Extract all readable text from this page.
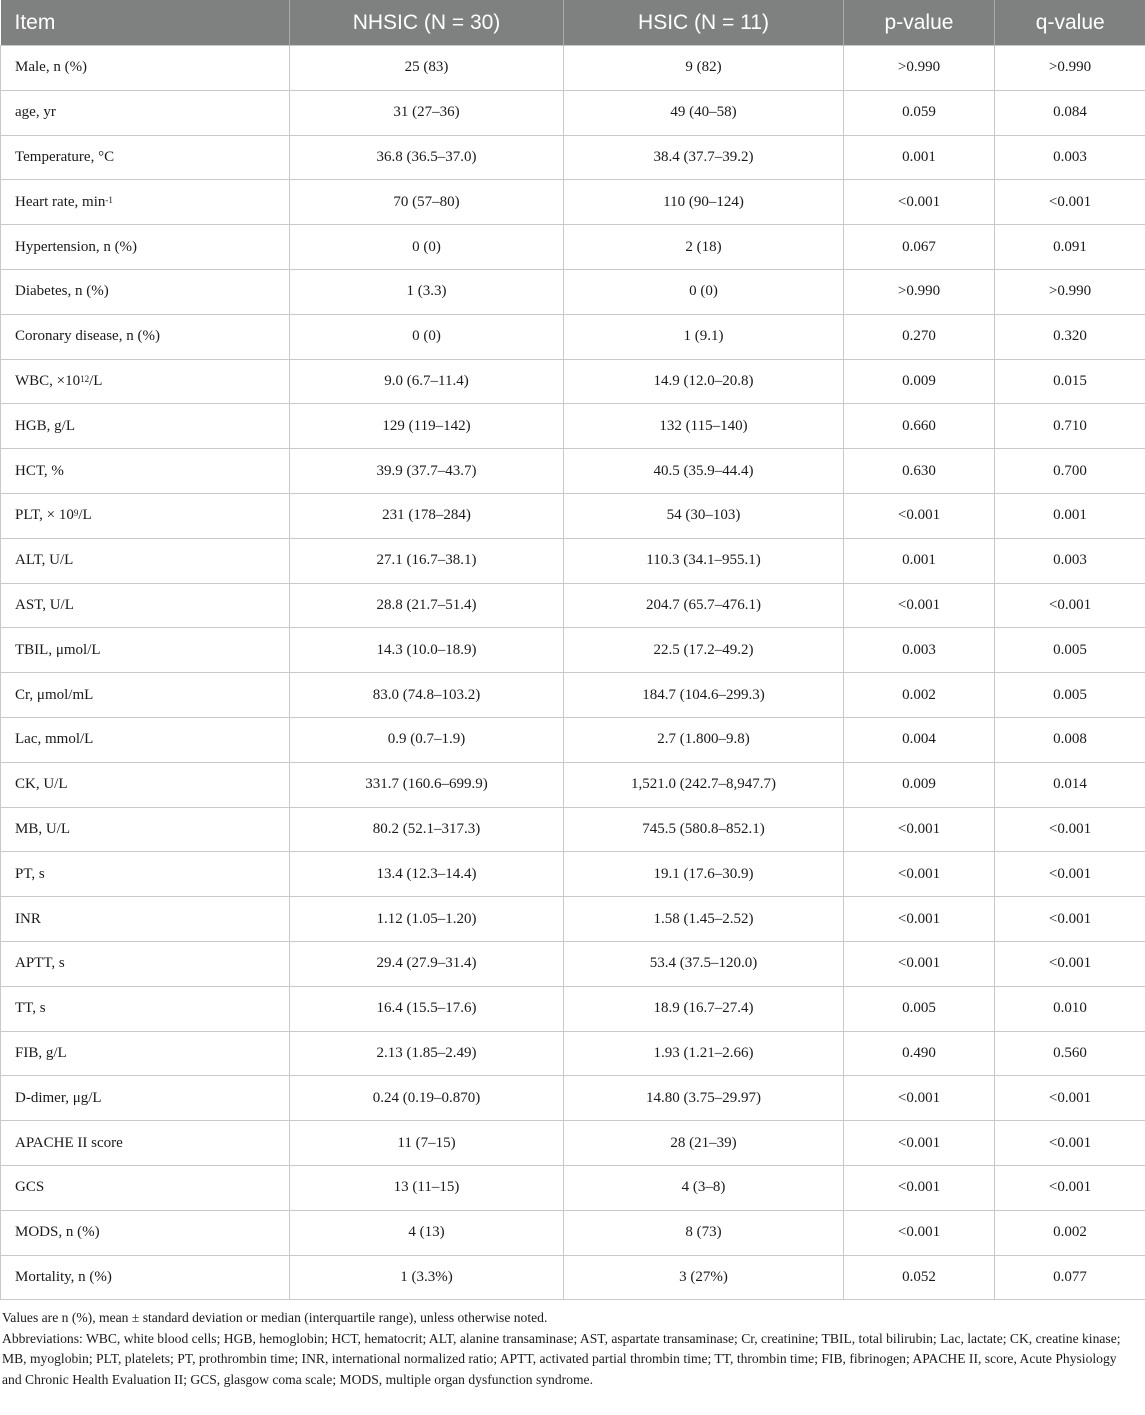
Item	NHSIC (N = 30)	HSIC (N = 11)	p-value	q-value
Male, n (%)	25 (83)	9 (82)	>0.990	>0.990
age, yr	31 (27–36)	49 (40–58)	0.059	0.084
Temperature, °C	36.8 (36.5–37.0)	38.4 (37.7–39.2)	0.001	0.003
Heart rate, $\min^{-1}$	70 (57–80)	110 (90–124)	<0.001	<0.001
Hypertension, n (%)	0 (0)	2 (18)	0.067	0.091
Diabetes, n (%)	1 (3.3)	0 (0)	>0.990	>0.990
Coronary disease, n (%)	0 (0)	1 (9.1)	0.270	0.320
WBC, $\times 10^{12}/L$	9.0 (6.7–11.4)	14.9 (12.0–20.8)	0.009	0.015
HGB, g/L	129 (119–142)	132 (115–140)	0.660	0.710
HCT, %	39.9 (37.7–43.7)	40.5 (35.9–44.4)	0.630	0.700
PLT, × $10^9/L$	231 (178–284)	54 (30–103)	<0.001	0.001
ALT, U/L	27.1 (16.7–38.1)	110.3 (34.1–955.1)	0.001	0.003
AST, U/L	28.8 (21.7–51.4)	204.7 (65.7–476.1)	<0.001	<0.001
TBIL, μmol/L	14.3 (10.0–18.9)	22.5 (17.2–49.2)	0.003	0.005
Cr, μmol/mL	83.0 (74.8–103.2)	184.7 (104.6–299.3)	0.002	0.005
Lac, mmol/L	0.9 (0.7–1.9)	2.7 (1.800–9.8)	0.004	0.008
CK, U/L	331.7 (160.6–699.9)	1,521.0 (242.7–8,947.7)	0.009	0.014
MB, U/L	80.2 (52.1–317.3)	745.5 (580.8–852.1)	<0.001	<0.001
PT, s	13.4 (12.3–14.4)	19.1 (17.6–30.9)	<0.001	<0.001
INR	1.12 (1.05–1.20)	1.58 (1.45–2.52)	<0.001	<0.001
APTT, s	29.4 (27.9–31.4)	53.4 (37.5–120.0)	<0.001	<0.001
TT, s	16.4 (15.5–17.6)	18.9 (16.7–27.4)	0.005	0.010
FIB, g/L	2.13 (1.85–2.49)	1.93 (1.21–2.66)	0.490	0.560
D-dimer, μg/L	0.24 (0.19–0.870)	14.80 (3.75–29.97)	<0.001	<0.001
APACHE II score	11 (7–15)	28 (21–39)	<0.001	<0.001
GCS	13 (11–15)	4 (3–8)	<0.001	<0.001
MODS, n (%)	4 (13)	8 (73)	<0.001	0.002
Mortality, n (%)	1 (3.3%)	3 (27%)	0.052	0.077

Values are n (%), mean ± standard deviation or median (interquartile range), unless otherwise noted.

Abbreviations: WBC, white blood cells; HGB, hemoglobin; HCT, hematocrit; ALT, alanine transaminase; AST, aspartate transaminase; Cr, creatinine; TBIL, total bilirubin; Lac, lactate; CK, creatine kinase; MB, myoglobin; PLT, platelets; PT, prothrombin time; INR, international normalized ratio; APTT, activated partial thrombin time; TT, thrombin time; FIB, fibrinogen; APACHE II, score, Acute Physiology and Chronic Health Evaluation II; GCS, glasgow coma scale; MODS, multiple organ dysfunction syndrome.
